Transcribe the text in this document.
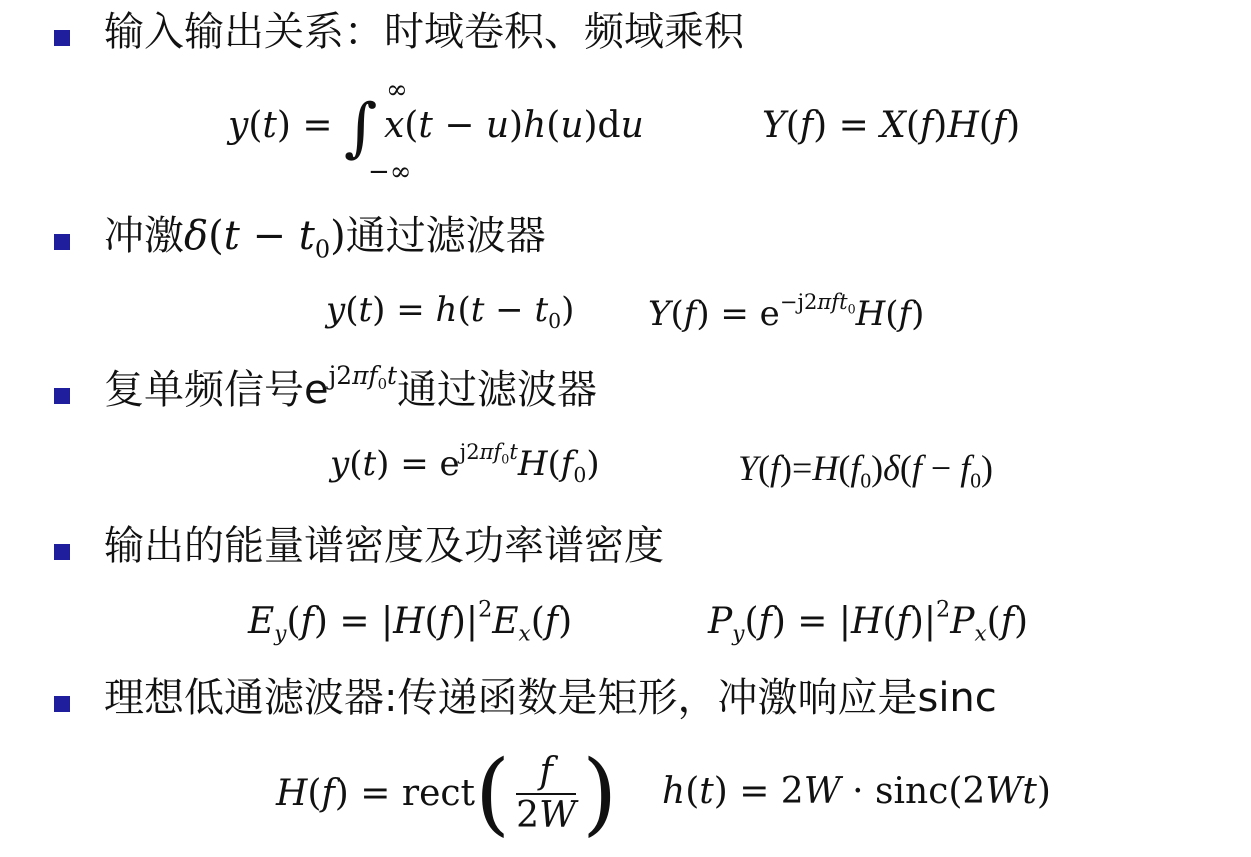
输入输出关系：时域卷积、频域乘积
y(t) = ∫ x(t − u)h(u)du
∞
−∞
Y(f) = X(f)H(f)
冲激$\delta(t - t_0)$通过滤波器
$y(t) = h(t - t_0)$ $Y(f) = e^{-j2\pi ft_0}H(f)$
复单频信号$e^{j2\pi f_0t}$通过滤波器
$y(t) = e^{j2\pi f_0t}H(f_0)$	$Y(f)=H(f_0)\delta(f - f_0)$
输出的能量谱密度及功率谱密度
$E_y(f) = |H(f)|^2E_x(f)$	$P_y(f) = |H(f)|^2P_x(f)$
理想低通滤波器:传递函数是矩形，冲激响应是sinc
H ( f ) = rect ( $\frac{f}{2W}$ ) h(t) = 2W · sinc(2Wt)
